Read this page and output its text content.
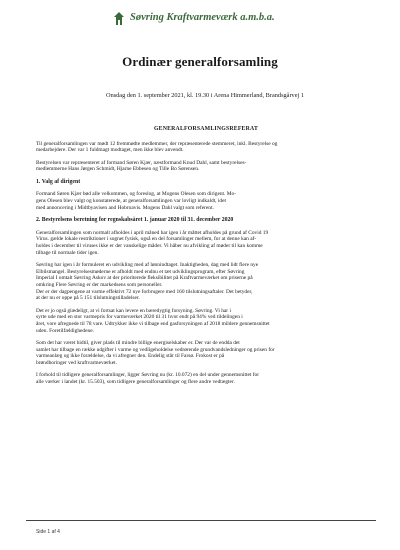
Søvring Kraftvarmeværk a.m.b.a.
Ordinær generalforsamling
Onsdag den 1. september 2021, kl. 19.30 i Arena Himmerland, Brandsgårvej 1

GENERALFORSAMLINGSREFERAT

Til generalforsamlingen var mødt 12 fremmødte medlemmer, der repræsenterede stemmeret, inkl. Bestyrelse og
medarbejdere. Der var 1 fuldmagt modtaget, men ikke blev anvendt.

Bestyrelsen var repræsenteret af formand Søren Kjær, næstformand Knud Dahl, samt bestyrelses-
medlemmerne Hans Jørgen Schmidt, Hjarne Ebbesen og Tille Bo Sørensen.

1. Valg af dirigent

Formand Søren Kjær bød alle velkommen, og foreslog, at Mogens Olesen som dirigent. Mo-
gens Olesen blev valgt og konstaterede, at generalforsamlingen var lovligt indkaldt, idet
med annoncering i Midtbyavisen and Hobroavis. Mogens Dahl valgt som referent.

2. Bestyrelsens beretning for regnskabsåret 1. januar 2020 til 31. december 2020

Generalforsamlingen som normalt afholdes i april måned har igen i år måttet afholdes på grund af Covid 19
Virus. gælde lokale restriktioner i sognet fysisk, også en del forsamlinger mellem, for at denne kan af-
holdes i december til viruses ikke er der vanskelige måder. Vi håber nu afvikling af møder til kan komme
tilbage til normale tider igen.

Søvring har igen i år formuleret en udvikling med af lønnindtaget. Inaktigheden, dag med lidt flere nye
Elbilsmangel. Bestyrelsesmøderne er afholdt med endnu et tæt udviklingsprogram, efter Søvring
Imperial I omtalt Søvring Askov at der prioriterede fleksibilitet på Kraftvarmeværket om priserne på
omkring Flere Søvring er der markedsens som personeller.
Der er der dagpengene at varme effektivt 72 nye forbrugere med 160 tilslutningsaftaler. Det betyder,
at der nu er oppe på 5 151 tilslutningstilladelser.

Det er jo også glædeligt, at vi fortsat kan levere en bæredygtig forsyning. Søvring. Vi har i
syrte ude med en stor varmepris for varmeværket 2020 til 31 hvor endt på 94% ved tildelingen i
året, vore afregnede til 78 vare. Udtrykker ikke vi tilbage end gasforsyningen af 2018 mildere gennemsnittet
uden. Foretilfældighedene.

Som det har været hidtil, giver plads til mindre billige energiselskaber er. Der var de endda det
samlet har tilbage en række udgifter i varme og vedligeholdelse vedrørende grundvandsledninger og prisen for
varmeanlæg og ikke forældelse, da vi afregner den. Endelig står til Farsø. Frokost er på
brøndboringer ved kraftvarmeværket.

I forhold til tidligere generalforsamlinger, ligger Søvring nu (kr. 10.072) en del under gennemsnittet for
alle værker i landet (kr. 15.503), som tidligere generalforsamlinger og flere andre vedtægter.

Side 1 af 4
